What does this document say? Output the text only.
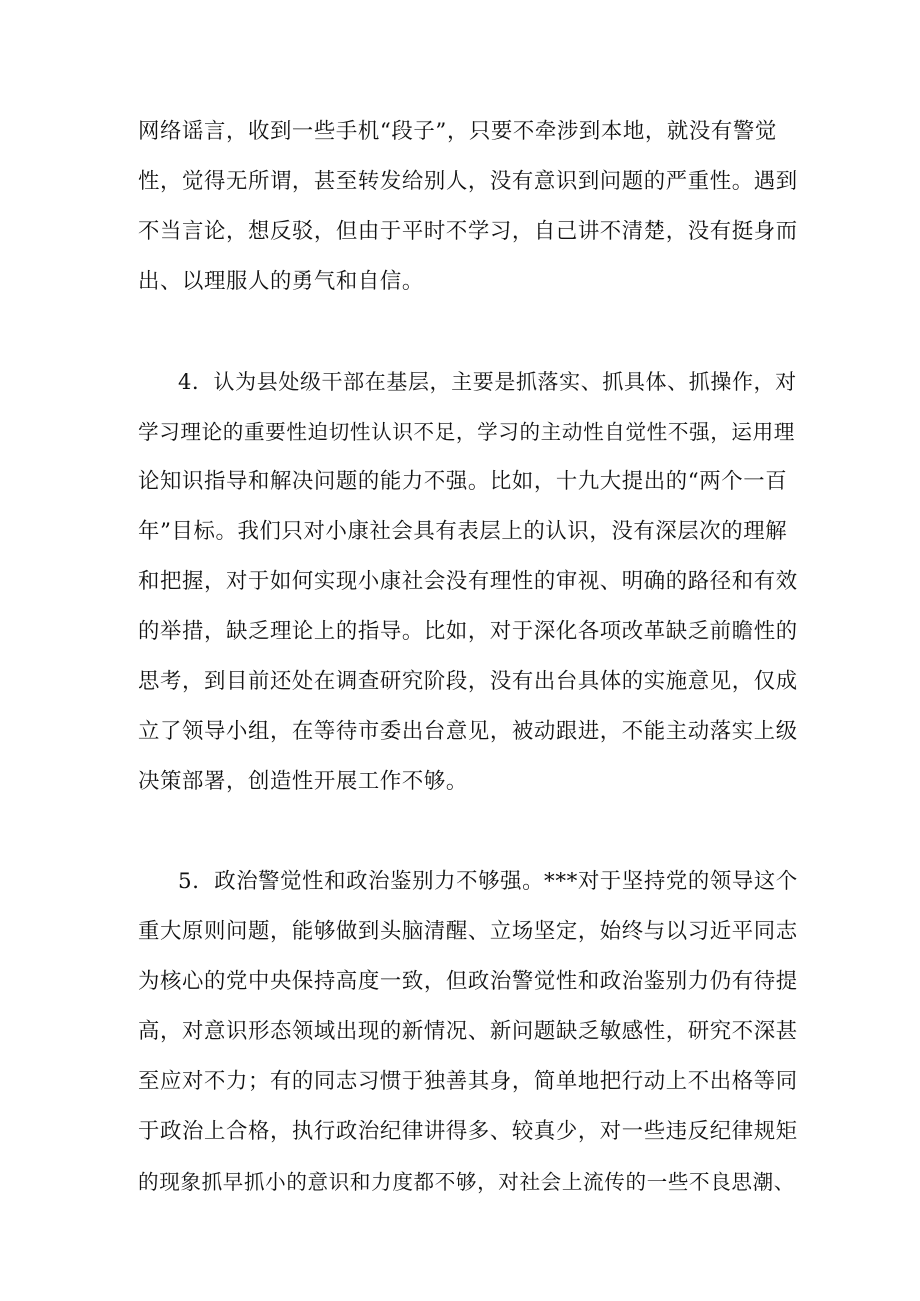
网络谣言，收到一些手机“段子”，只要不牵涉到本地，就没有警觉
性，觉得无所谓，甚至转发给别人，没有意识到问题的严重性。遇到
不当言论，想反驳，但由于平时不学习，自己讲不清楚，没有挺身而
出、以理服人的勇气和自信。
4．认为县处级干部在基层，主要是抓落实、抓具体、抓操作，对
学习理论的重要性迫切性认识不足，学习的主动性自觉性不强，运用理
论知识指导和解决问题的能力不强。比如，十九大提出的“两个一百
年”目标。我们只对小康社会具有表层上的认识，没有深层次的理解
和把握，对于如何实现小康社会没有理性的审视、明确的路径和有效
的举措，缺乏理论上的指导。比如，对于深化各项改革缺乏前瞻性的
思考，到目前还处在调查研究阶段，没有出台具体的实施意见，仅成
立了领导小组，在等待市委出台意见，被动跟进，不能主动落实上级
决策部署，创造性开展工作不够。
5．政治警觉性和政治鉴别力不够强。***对于坚持党的领导这个
重大原则问题，能够做到头脑清醒、立场坚定，始终与以习近平同志
为核心的党中央保持高度一致，但政治警觉性和政治鉴别力仍有待提
高，对意识形态领域出现的新情况、新问题缺乏敏感性，研究不深甚
至应对不力；有的同志习惯于独善其身，简单地把行动上不出格等同
于政治上合格，执行政治纪律讲得多、较真少，对一些违反纪律规矩
的现象抓早抓小的意识和力度都不够，对社会上流传的一些不良思潮、
